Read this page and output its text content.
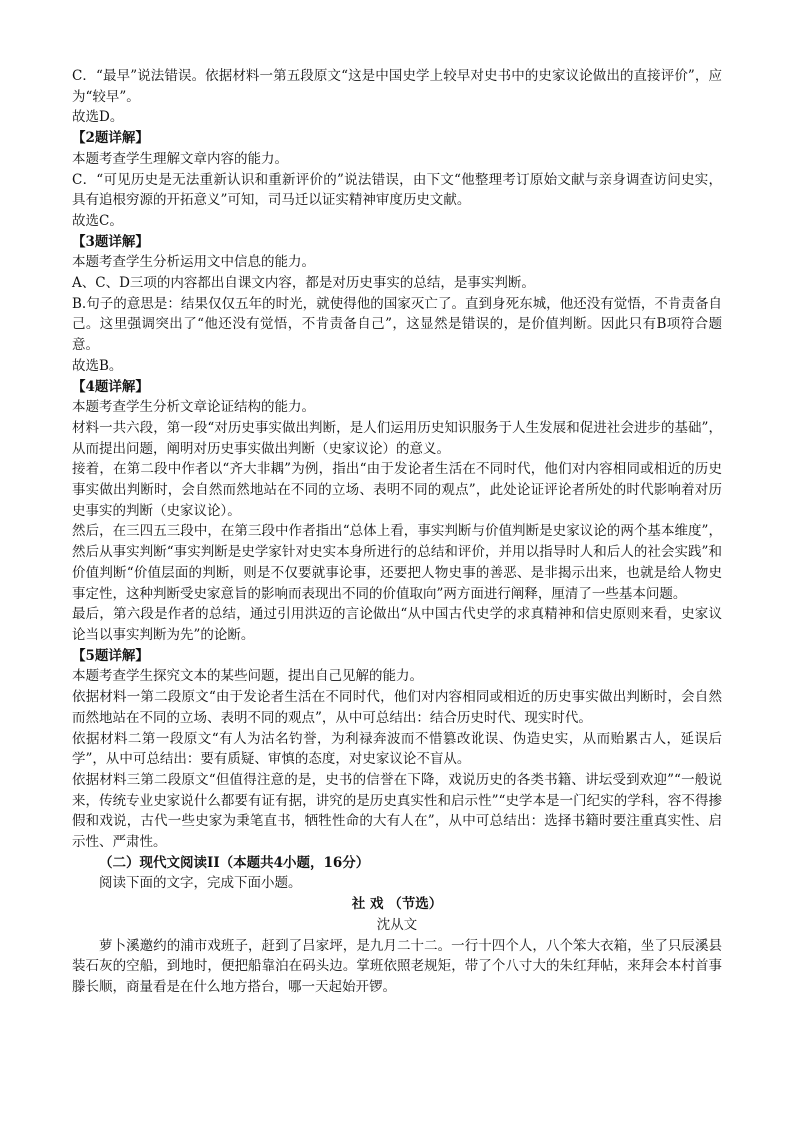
C．“最早”说法错误。依据材料一第五段原文“这是中国史学上较早对史书中的史家议论做出的直接评价”，应为“较早”。

故选D。

【2题详解】

本题考查学生理解文章内容的能力。

C．“可见历史是无法重新认识和重新评价的”说法错误，由下文“他整理考订原始文献与亲身调查访问史实，具有追根穷源的开拓意义”可知，司马迁以证实精神审度历史文献。

故选C。

【3题详解】

本题考查学生分析运用文中信息的能力。

A、C、D三项的内容都出自课文内容，都是对历史事实的总结，是事实判断。

B.句子的意思是：结果仅仅五年的时光，就使得他的国家灭亡了。直到身死东城，他还没有觉悟，不肯责备自己。这里强调突出了“他还没有觉悟，不肯责备自己”，这显然是错误的，是价值判断。因此只有B项符合题意。

故选B。

【4题详解】

本题考查学生分析文章论证结构的能力。

材料一共六段，第一段“对历史事实做出判断，是人们运用历史知识服务于人生发展和促进社会进步的基础”，从而提出问题，阐明对历史事实做出判断（史家议论）的意义。

接着，在第二段中作者以“齐大非耦”为例，指出“由于发论者生活在不同时代，他们对内容相同或相近的历史事实做出判断时，会自然而然地站在不同的立场、表明不同的观点”，此处论证评论者所处的时代影响着对历史事实的判断（史家议论）。

然后，在三四五三段中，在第三段中作者指出“总体上看，事实判断与价值判断是史家议论的两个基本维度”，然后从事实判断“事实判断是史学家针对史实本身所进行的总结和评价，并用以指导时人和后人的社会实践”和价值判断“价值层面的判断，则是不仅要就事论事，还要把人物史事的善恶、是非揭示出来，也就是给人物史事定性，这种判断受史家意旨的影响而表现出不同的价值取向”两方面进行阐释，厘清了一些基本问题。

最后，第六段是作者的总结，通过引用洪迈的言论做出“从中国古代史学的求真精神和信史原则来看，史家议论当以事实判断为先”的论断。

【5题详解】

本题考查学生探究文本的某些问题，提出自己见解的能力。

依据材料一第二段原文“由于发论者生活在不同时代，他们对内容相同或相近的历史事实做出判断时，会自然而然地站在不同的立场、表明不同的观点”，从中可总结出：结合历史时代、现实时代。

依据材料二第一段原文“有人为沽名钓誉，为利禄奔波而不惜篡改讹误、伪造史实，从而贻累古人，延误后学”，从中可总结出：要有质疑、审慎的态度，对史家议论不盲从。

依据材料三第二段原文“但值得注意的是，史书的信誉在下降，戏说历史的各类书籍、讲坛受到欢迎”“一般说来，传统专业史家说什么都要有证有据，讲究的是历史真实性和启示性”“史学本是一门纪实的学科，容不得掺假和戏说，古代一些史家为秉笔直书，牺牲性命的大有人在”，从中可总结出：选择书籍时要注重真实性、启示性、严肃性。

（二）现代文阅读II（本题共4小题，16分）

阅读下面的文字，完成下面小题。

社 戏 （节选）

沈从文

萝卜溪邀约的浦市戏班子，赶到了吕家坪，是九月二十二。一行十四个人，八个笨大衣箱，坐了只辰溪县装石灰的空船，到地时，便把船靠泊在码头边。掌班依照老规矩，带了个八寸大的朱红拜帖，来拜会本村首事滕长顺，商量看是在什么地方搭台，哪一天起始开锣。
